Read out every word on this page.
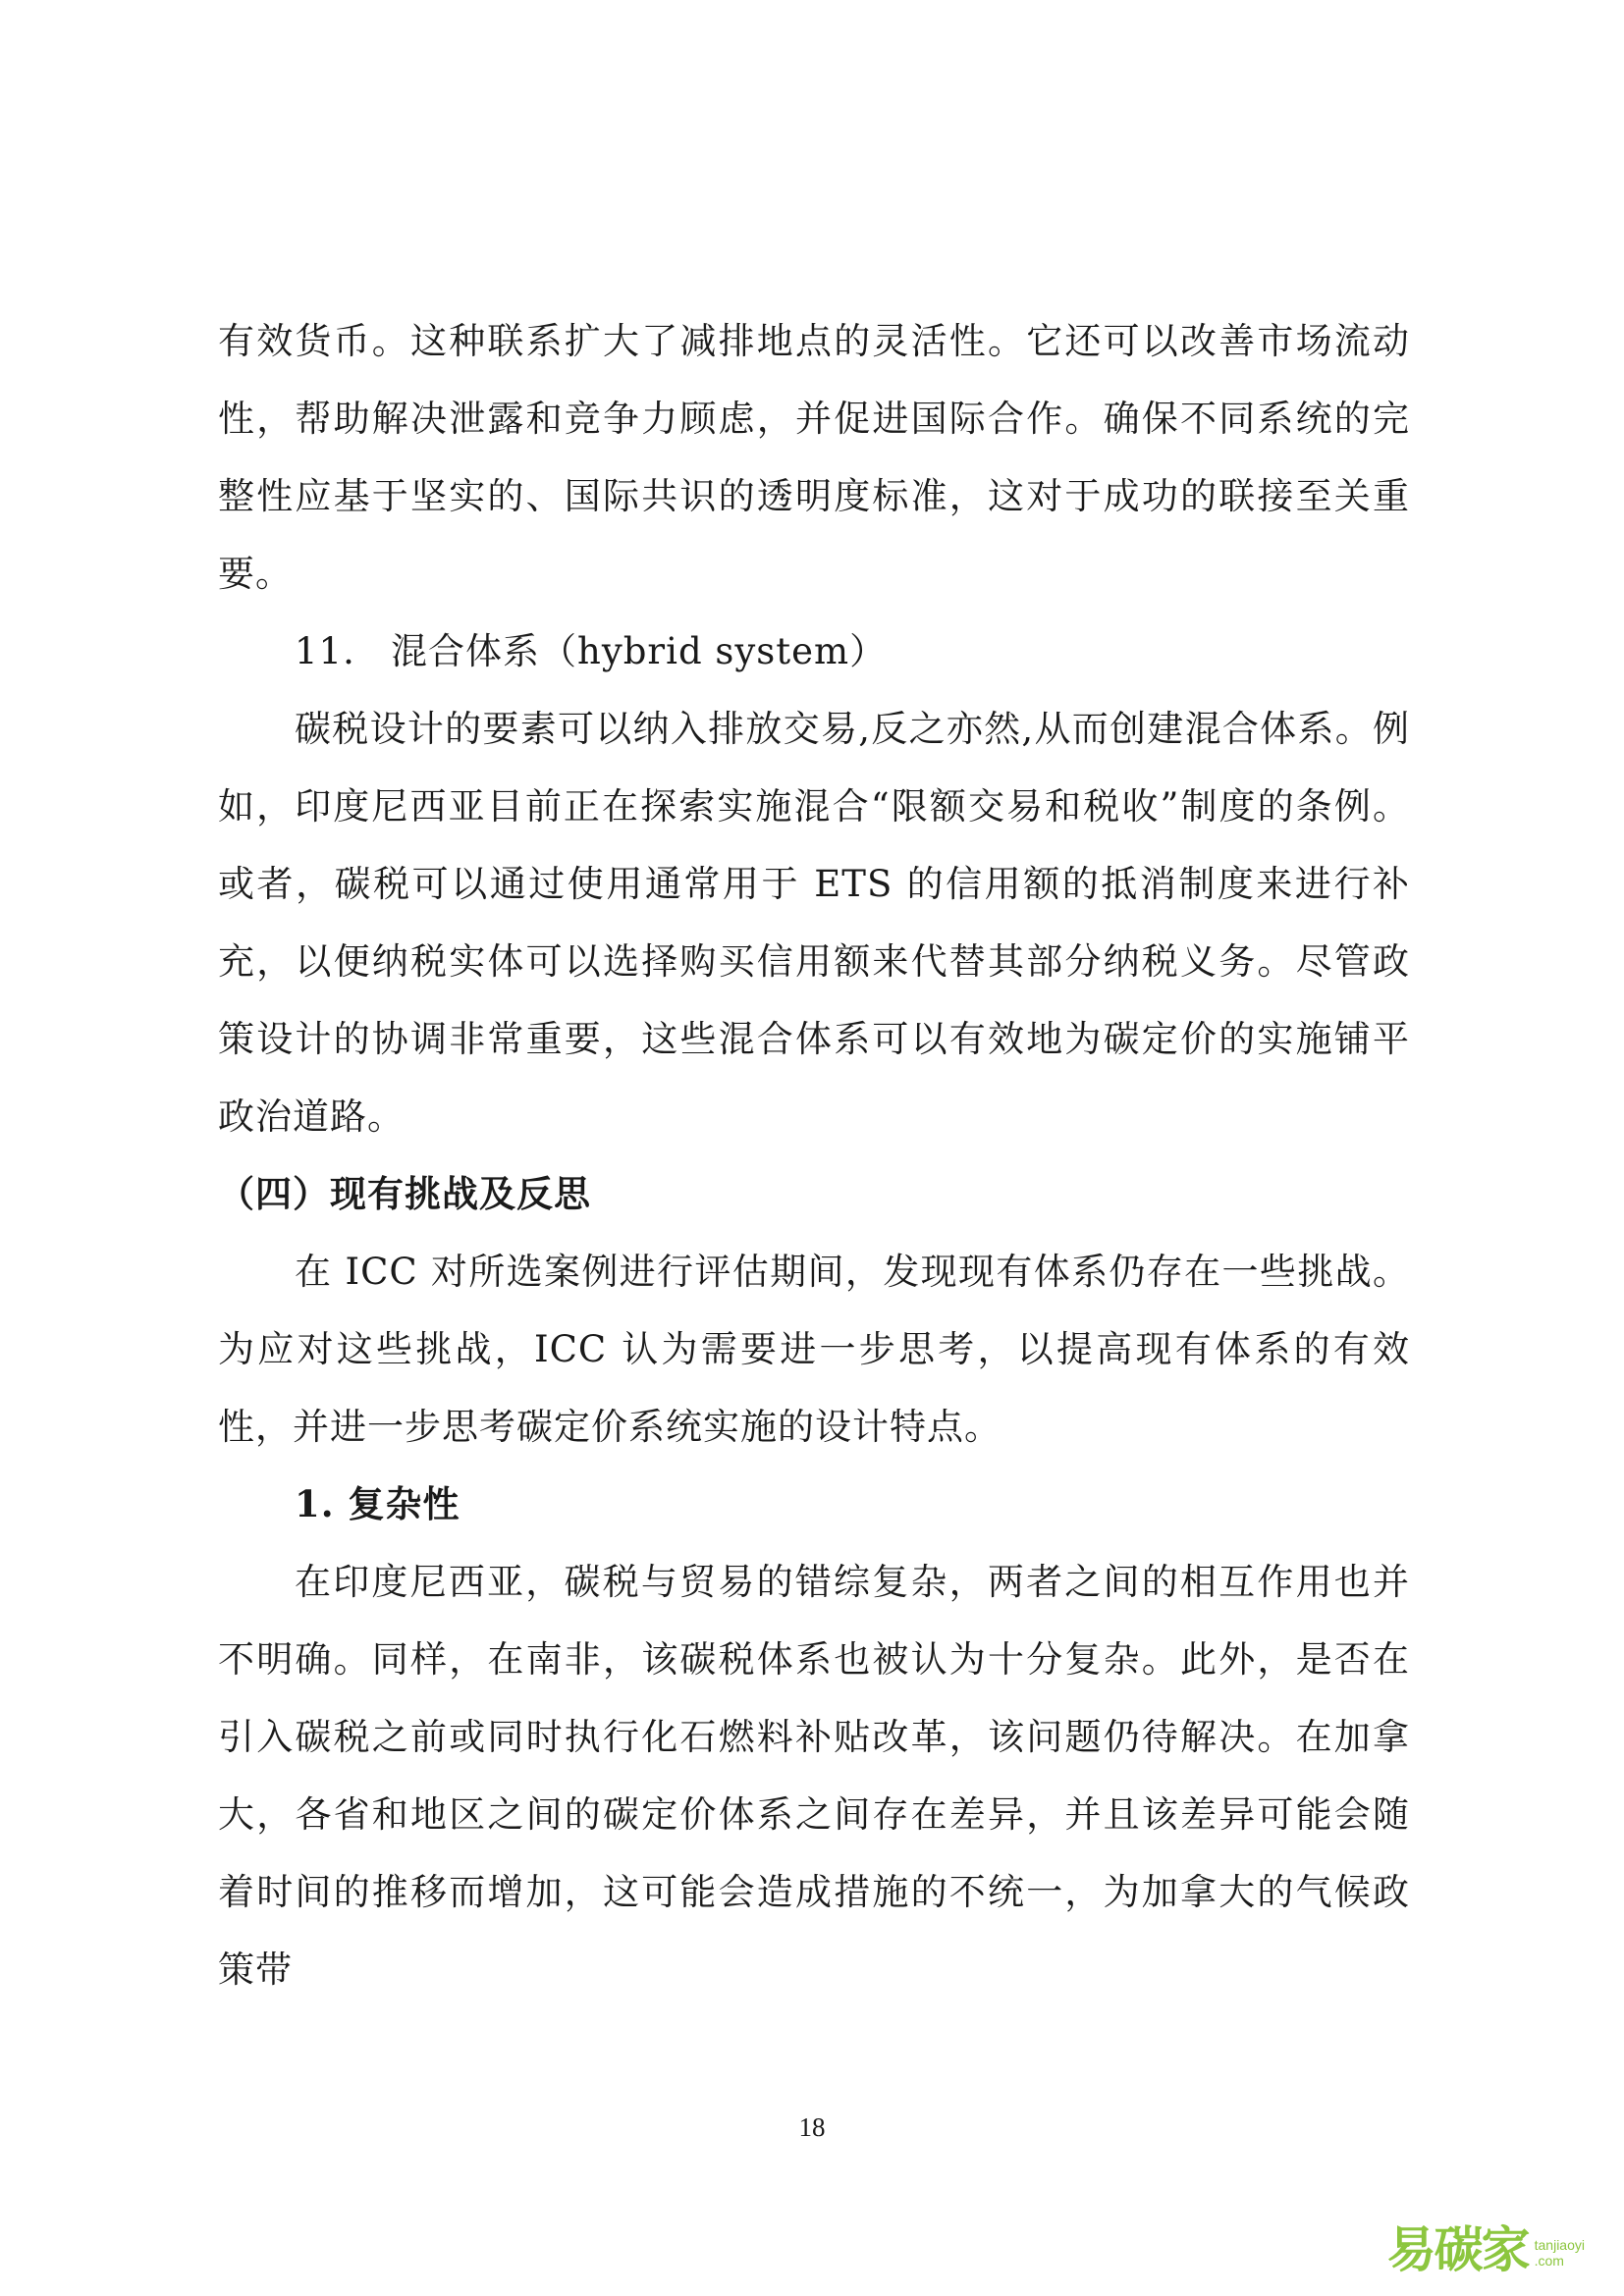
有效货币。这种联系扩大了减排地点的灵活性。它还可以改善市场流动性，帮助解决泄露和竞争力顾虑，并促进国际合作。确保不同系统的完整性应基于坚实的、国际共识的透明度标准，这对于成功的联接至关重要。

11. 混合体系（hybrid system）

碳税设计的要素可以纳入排放交易,反之亦然,从而创建混合体系。例如，印度尼西亚目前正在探索实施混合“限额交易和税收”制度的条例。或者，碳税可以通过使用通常用于 ETS 的信用额的抵消制度来进行补充，以便纳税实体可以选择购买信用额来代替其部分纳税义务。尽管政策设计的协调非常重要，这些混合体系可以有效地为碳定价的实施铺平政治道路。

（四）现有挑战及反思

在 ICC 对所选案例进行评估期间，发现现有体系仍存在一些挑战。为应对这些挑战，ICC 认为需要进一步思考，以提高现有体系的有效性，并进一步思考碳定价系统实施的设计特点。

1. 复杂性

在印度尼西亚，碳税与贸易的错综复杂，两者之间的相互作用也并不明确。同样，在南非，该碳税体系也被认为十分复杂。此外，是否在引入碳税之前或同时执行化石燃料补贴改革，该问题仍待解决。在加拿大，各省和地区之间的碳定价体系之间存在差异，并且该差异可能会随着时间的推移而增加，这可能会造成措施的不统一，为加拿大的气候政策带

18
易碳家 tanjiaoyi
.com
